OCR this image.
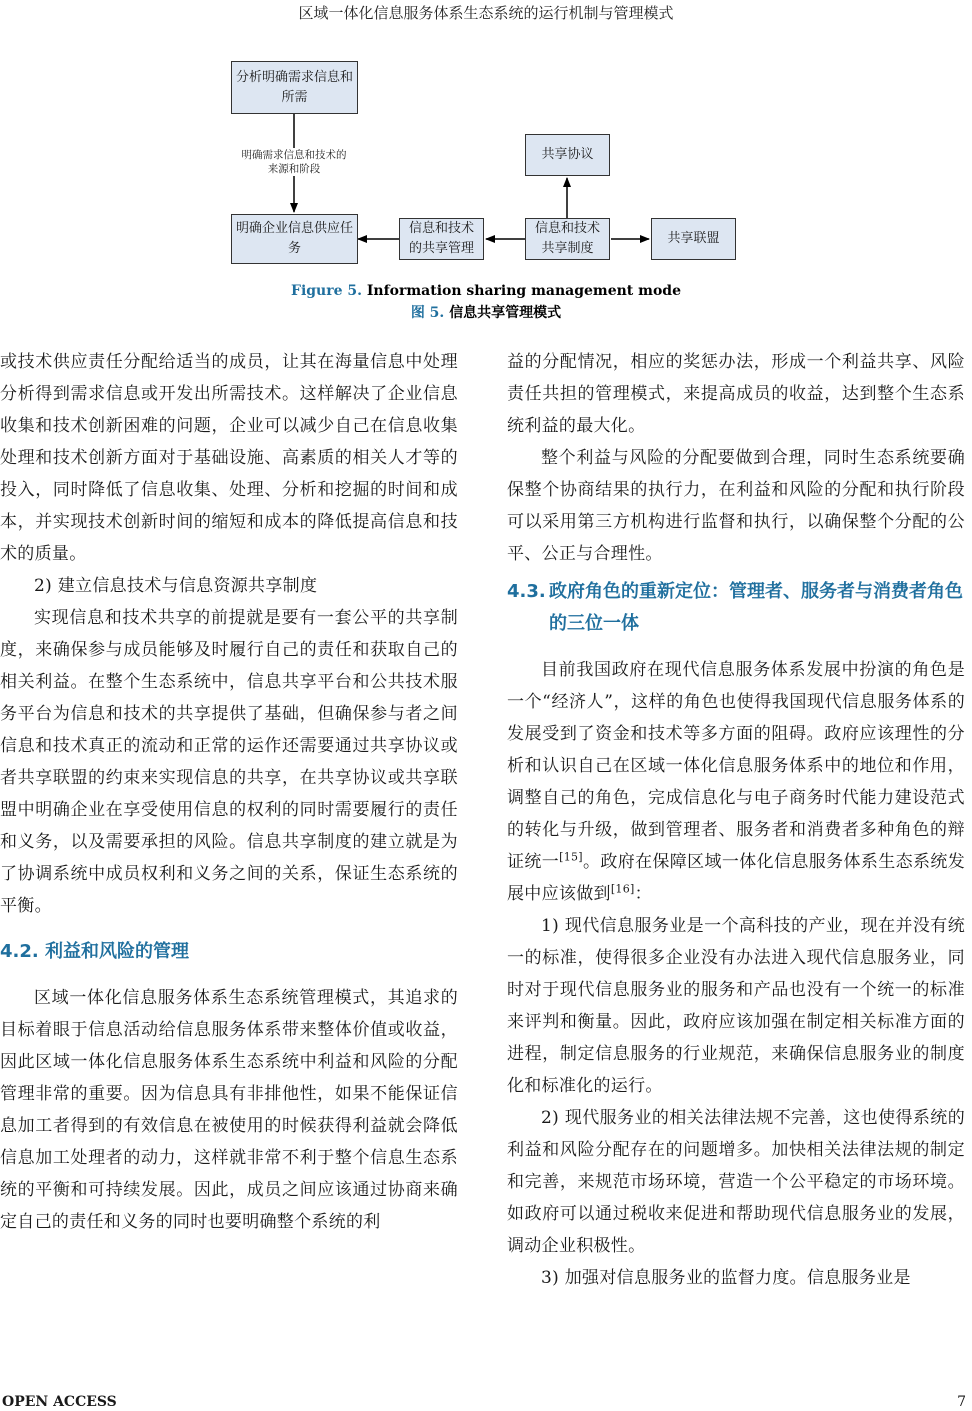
区域一体化信息服务体系生态系统的运行机制与管理模式
分析明确需求信息和所需
明确需求信息和技术的来源和阶段
明确企业信息供应任务
信息和技术的共享管理
信息和技术共享制度
共享协议
共享联盟
Figure 5. Information sharing management mode
图 5. 信息共享管理模式

或技术供应责任分配给适当的成员，让其在海量信息中处理分析得到需求信息或开发出所需技术。这样解决了企业信息收集和技术创新困难的问题，企业可以减少自己在信息收集处理和技术创新方面对于基础设施、高素质的相关人才等的投入，同时降低了信息收集、处理、分析和挖掘的时间和成本，并实现技术创新时间的缩短和成本的降低提高信息和技术的质量。

2) 建立信息技术与信息资源共享制度

实现信息和技术共享的前提就是要有一套公平的共享制度，来确保参与成员能够及时履行自己的责任和获取自己的相关利益。在整个生态系统中，信息共享平台和公共技术服务平台为信息和技术的共享提供了基础，但确保参与者之间信息和技术真正的流动和正常的运作还需要通过共享协议或者共享联盟的约束来实现信息的共享，在共享协议或共享联盟中明确企业在享受使用信息的权利的同时需要履行的责任和义务，以及需要承担的风险。信息共享制度的建立就是为了协调系统中成员权利和义务之间的关系，保证生态系统的平衡。

4.2. 利益和风险的管理

区域一体化信息服务体系生态系统管理模式，其追求的目标着眼于信息活动给信息服务体系带来整体价值或收益，因此区域一体化信息服务体系生态系统中利益和风险的分配管理非常的重要。因为信息具有非排他性，如果不能保证信息加工者得到的有效信息在被使用的时候获得利益就会降低信息加工处理者的动力，这样就非常不利于整个信息生态系统的平衡和可持续发展。因此，成员之间应该通过协商来确定自己的责任和义务的同时也要明确整个系统的利

益的分配情况，相应的奖惩办法，形成一个利益共享、风险责任共担的管理模式，来提高成员的收益，达到整个生态系统利益的最大化。

整个利益与风险的分配要做到合理，同时生态系统要确保整个协商结果的执行力，在利益和风险的分配和执行阶段可以采用第三方机构进行监督和执行，以确保整个分配的公平、公正与合理性。

4.3. 政府角色的重新定位：管理者、服务者与消费者角色的三位一体

目前我国政府在现代信息服务体系发展中扮演的角色是一个“经济人”，这样的角色也使得我国现代信息服务体系的发展受到了资金和技术等多方面的阻碍。政府应该理性的分析和认识自己在区域一体化信息服务体系中的地位和作用，调整自己的角色，完成信息化与电子商务时代能力建设范式的转化与升级，做到管理者、服务者和消费者多种角色的辩证统一[15]。政府在保障区域一体化信息服务体系生态系统发展中应该做到[16]：

1) 现代信息服务业是一个高科技的产业，现在并没有统一的标准，使得很多企业没有办法进入现代信息服务业，同时对于现代信息服务业的服务和产品也没有一个统一的标准来评判和衡量。因此，政府应该加强在制定相关标准方面的进程，制定信息服务的行业规范，来确保信息服务业的制度化和标准化的运行。

2) 现代服务业的相关法律法规不完善，这也使得系统的利益和风险分配存在的问题增多。加快相关法律法规的制定和完善，来规范市场环境，营造一个公平稳定的市场环境。如政府可以通过税收来促进和帮助现代信息服务业的发展，调动企业积极性。

3) 加强对信息服务业的监督力度。信息服务业是

OPEN ACCESS	7
